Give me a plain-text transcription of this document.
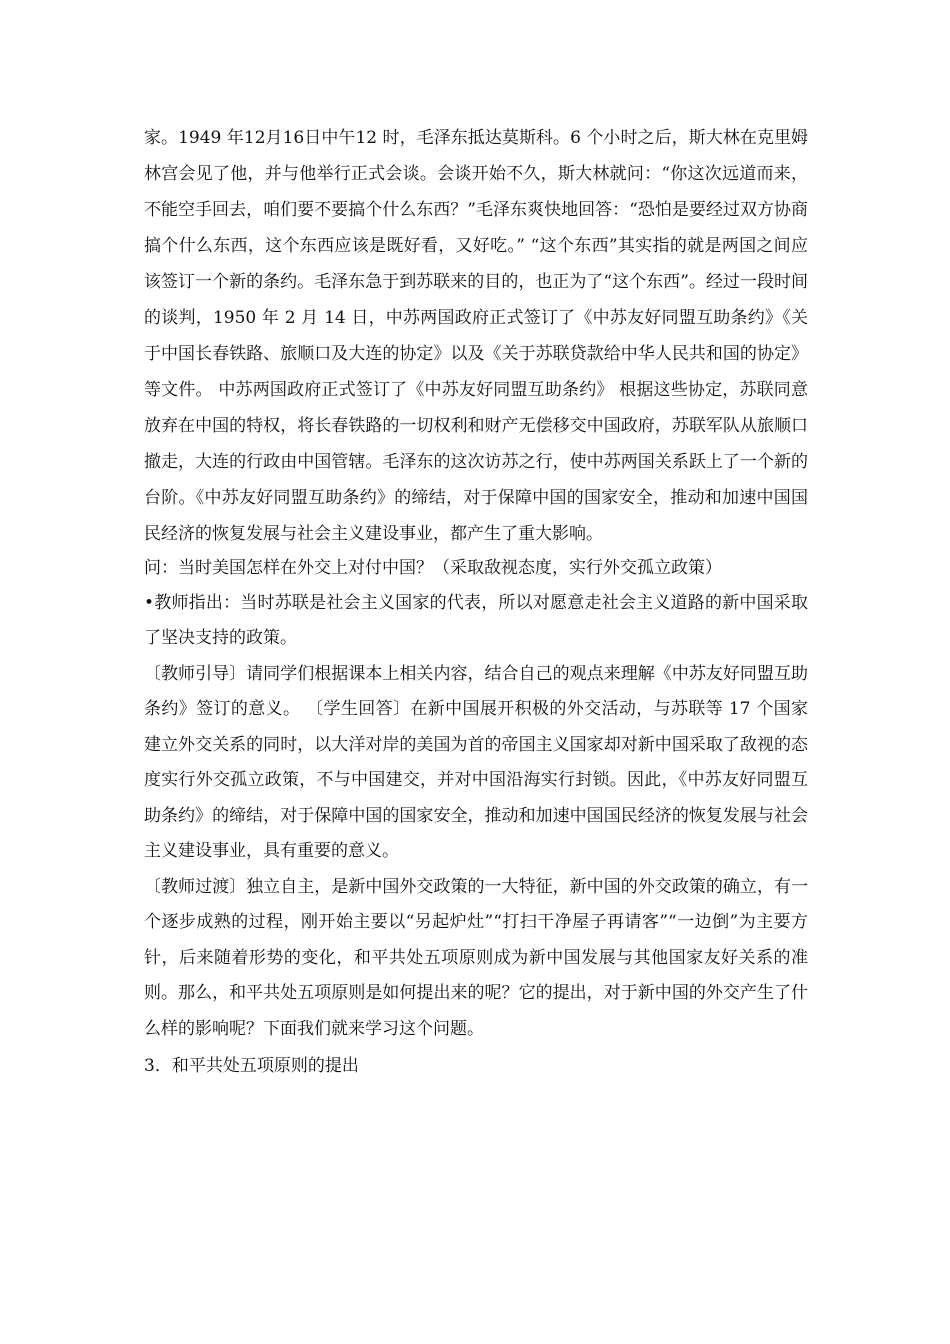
家。1949 年12月16日中午12 时，毛泽东抵达莫斯科。6 个小时之后，斯大林在克里姆林宫会见了他，并与他举行正式会谈。会谈开始不久，斯大林就问：“你这次远道而来，不能空手回去，咱们要不要搞个什么东西？”毛泽东爽快地回答：“恐怕是要经过双方协商搞个什么东西，这个东西应该是既好看，又好吃。” “这个东西”其实指的就是两国之间应该签订一个新的条约。毛泽东急于到苏联来的目的，也正为了“这个东西”。经过一段时间的谈判，1950 年 2 月 14 日，中苏两国政府正式签订了《中苏友好同盟互助条约》《关于中国长春铁路、旅顺口及大连的协定》以及《关于苏联贷款给中华人民共和国的协定》等文件。 中苏两国政府正式签订了《中苏友好同盟互助条约》 根据这些协定，苏联同意放弃在中国的特权，将长春铁路的一切权利和财产无偿移交中国政府，苏联军队从旅顺口撤走，大连的行政由中国管辖。毛泽东的这次访苏之行，使中苏两国关系跃上了一个新的台阶。《中苏友好同盟互助条约》的缔结，对于保障中国的国家安全，推动和加速中国国民经济的恢复发展与社会主义建设事业，都产生了重大影响。

问：当时美国怎样在外交上对付中国？（采取敌视态度，实行外交孤立政策）

•教师指出：当时苏联是社会主义国家的代表，所以对愿意走社会主义道路的新中国采取了坚决支持的政策。

〔教师引导〕请同学们根据课本上相关内容，结合自己的观点来理解《中苏友好同盟互助条约》签订的意义。 〔学生回答〕在新中国展开积极的外交活动，与苏联等 17 个国家建立外交关系的同时，以大洋对岸的美国为首的帝国主义国家却对新中国采取了敌视的态度实行外交孤立政策，不与中国建交，并对中国沿海实行封锁。因此，《中苏友好同盟互助条约》的缔结，对于保障中国的国家安全，推动和加速中国国民经济的恢复发展与社会主义建设事业，具有重要的意义。

〔教师过渡〕独立自主，是新中国外交政策的一大特征，新中国的外交政策的确立，有一个逐步成熟的过程，刚开始主要以“另起炉灶”“打扫干净屋子再请客”“一边倒”为主要方针，后来随着形势的变化，和平共处五项原则成为新中国发展与其他国家友好关系的准则。那么，和平共处五项原则是如何提出来的呢？它的提出，对于新中国的外交产生了什么样的影响呢？下面我们就来学习这个问题。

3．和平共处五项原则的提出
